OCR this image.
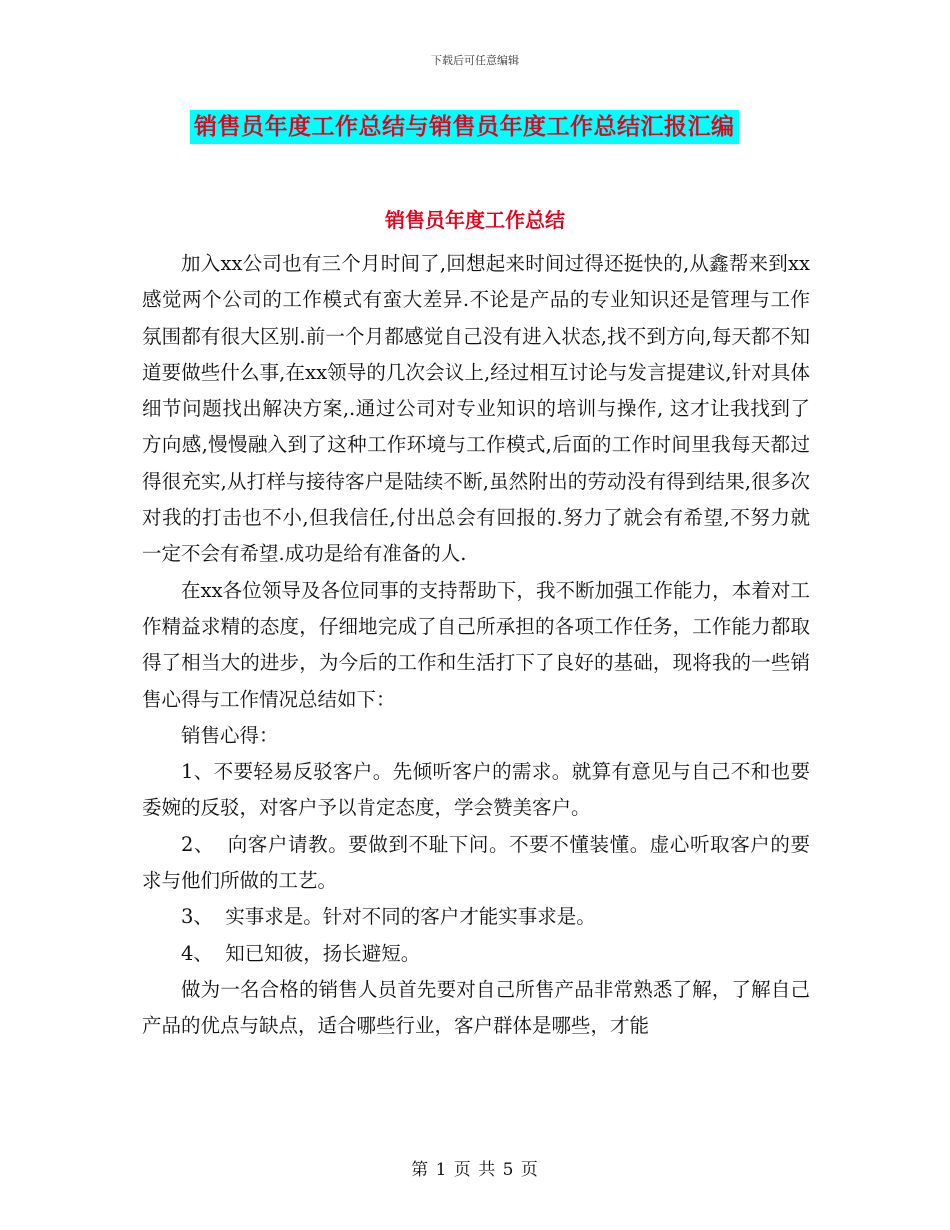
下载后可任意编辑
销售员年度工作总结与销售员年度工作总结汇报汇编
销售员年度工作总结

加入xx公司也有三个月时间了,回想起来时间过得还挺快的,从鑫帮来到xx感觉两个公司的工作模式有蛮大差异.不论是产品的专业知识还是管理与工作氛围都有很大区别.前一个月都感觉自己没有进入状态,找不到方向,每天都不知道要做些什么事,在xx领导的几次会议上,经过相互讨论与发言提建议,针对具体细节问题找出解决方案,.通过公司对专业知识的培训与操作, 这才让我找到了方向感,慢慢融入到了这种工作环境与工作模式,后面的工作时间里我每天都过得很充实,从打样与接待客户是陆续不断,虽然附出的劳动没有得到结果,很多次对我的打击也不小,但我信任,付出总会有回报的.努力了就会有希望,不努力就一定不会有希望.成功是给有准备的人.

在xx各位领导及各位同事的支持帮助下，我不断加强工作能力，本着对工作精益求精的态度，仔细地完成了自己所承担的各项工作任务，工作能力都取得了相当大的进步，为今后的工作和生活打下了良好的基础，现将我的一些销售心得与工作情况总结如下：

销售心得：

1、不要轻易反驳客户。先倾听客户的需求。就算有意见与自己不和也要委婉的反驳，对客户予以肯定态度，学会赞美客户。

2、  向客户请教。要做到不耻下问。不要不懂装懂。虚心听取客户的要求与他们所做的工艺。

3、  实事求是。针对不同的客户才能实事求是。

4、  知已知彼，扬长避短。

做为一名合格的销售人员首先要对自己所售产品非常熟悉了解，了解自己产品的优点与缺点，适合哪些行业，客户群体是哪些，才能

第 1 页 共 5 页
